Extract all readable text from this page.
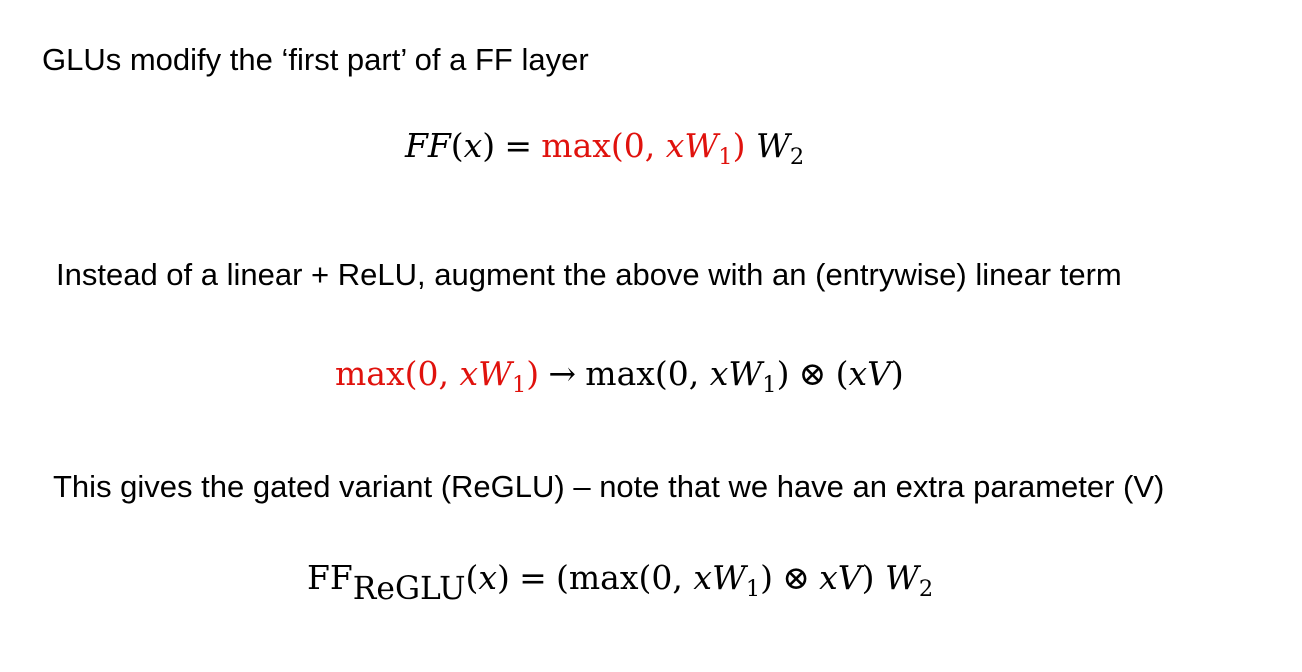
GLUs modify the ‘first part’ of a FF layer
FF(x) = max(0, $xW_1$) $W_2$
Instead of a linear + ReLU, augment the above with an (entrywise) linear term
max(0, $xW_1) \to \max(0$, $xW_1$) ⊗ (xV)
This gives the gated variant (ReGLU) – note that we have an extra parameter (V)
$FF_{ReGLU}(x) = (\max(0$, $xW_1$) ⊗ xV) $W_2$
